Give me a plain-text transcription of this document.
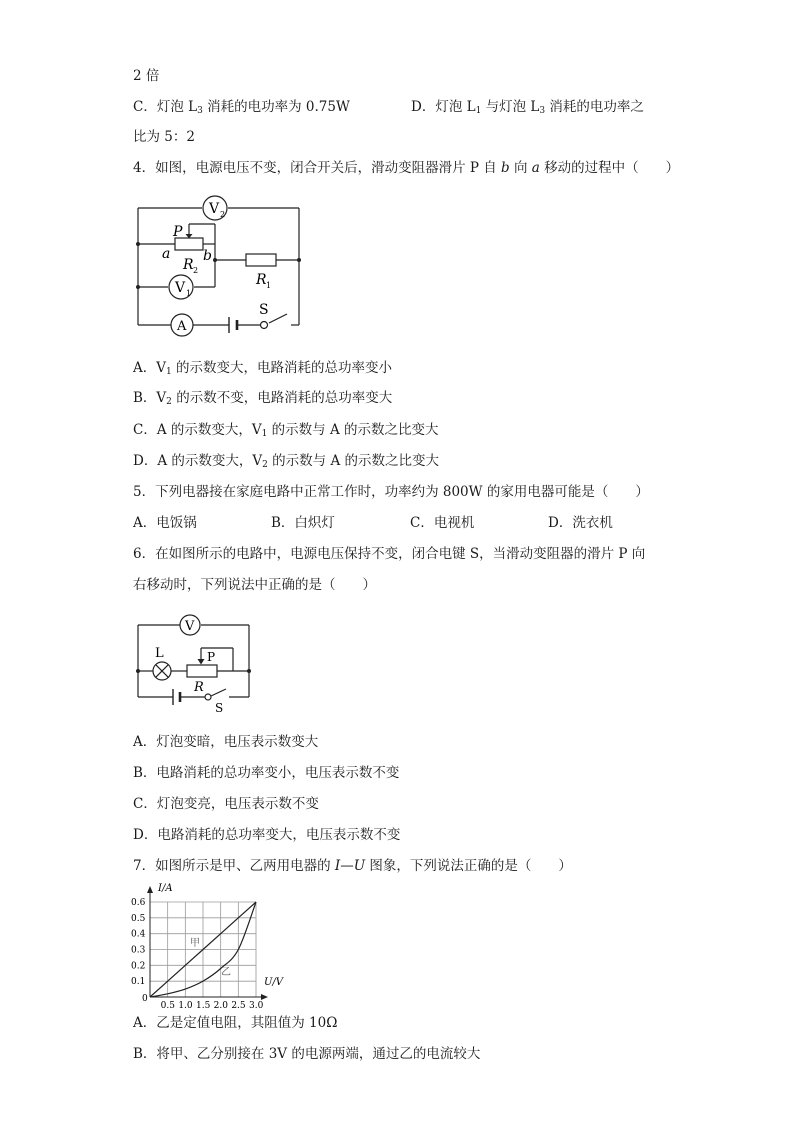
2 倍
C．灯泡 $L_3$ 消耗的电功率为 0.75W	D．灯泡 $L_1$ 与灯泡 $L_3$ 消耗的电功率之
比为 5：2
4．如图，电源电压不变，闭合开关后，滑动变阻器滑片 P 自 b 向 a 移动的过程中（　　）
V 2
P
a b
R 2
R 1
V 1
A
S
A．$V_1$ 的示数变大，电路消耗的总功率变小
B．$V_2$ 的示数不变，电路消耗的总功率变大
C．A 的示数变大，$V_1$ 的示数与 A 的示数之比变大
D．A 的示数变大，$V_2$ 的示数与 A 的示数之比变大
5．下列电器接在家庭电路中正常工作时，功率约为 800W 的家用电器可能是（　　）
A．电饭锅	B．白炽灯	C．电视机	D．洗衣机
6．在如图所示的电路中，电源电压保持不变，闭合电键 S，当滑动变阻器的滑片 P 向
右移动时，下列说法中正确的是（　　）
V
L	P
R
S
A．灯泡变暗，电压表示数变大
B．电路消耗的总功率变小，电压表示数不变
C．灯泡变亮，电压表示数不变
D．电路消耗的总功率变大，电压表示数不变
7．如图所示是甲、乙两用电器的 I—U 图象，下列说法正确的是（　　）
0.5 1.0 1.5 2.0 2.5 3.0
0.1
0.2
0.3
0.4
0.5
0.6
I/A
U/V
0
甲
乙
A．乙是定值电阻，其阻值为 10Ω
B．将甲、乙分别接在 3V 的电源两端，通过乙的电流较大
